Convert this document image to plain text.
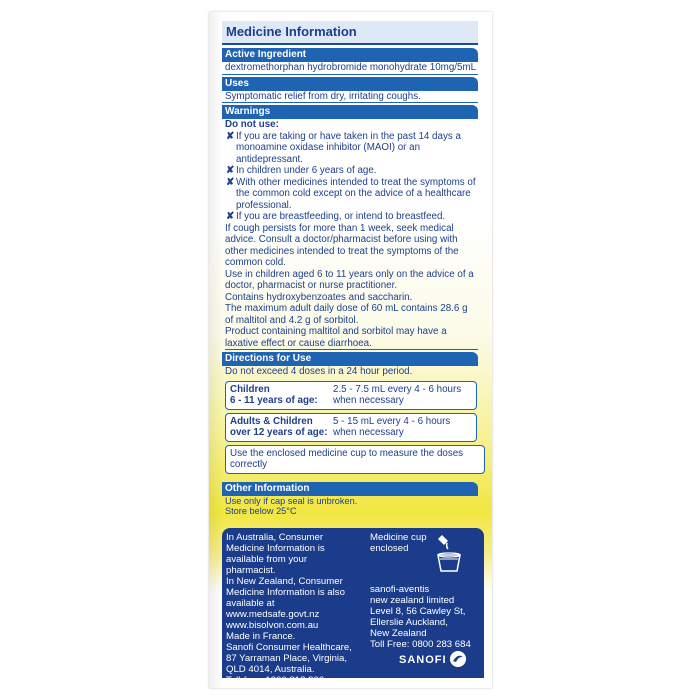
Medicine Information
Active Ingredient
dextromethorphan hydrobromide monohydrate 10mg/5mL
Uses
Symptomatic relief from dry, irritating coughs.
Warnings
Do not use:
✘ If you are taking or have taken in the past 14 days a monoamine oxidase inhibitor (MAOI) or an antidepressant.
✘ In children under 6 years of age.
✘ With other medicines intended to treat the symptoms of the common cold except on the advice of a healthcare professional.
✘ If you are breastfeeding, or intend to breastfeed.
If cough persists for more than 1 week, seek medical advice. Consult a doctor/pharmacist before using with other medicines intended to treat the symptoms of the common cold.
Use in children aged 6 to 11 years only on the advice of a doctor, pharmacist or nurse practitioner.
Contains hydroxybenzoates and saccharin.
The maximum adult daily dose of 60 mL contains 28.6 g of maltitol and 4.2 g of sorbitol.
Product containing maltitol and sorbitol may have a laxative effect or cause diarrhoea.
Directions for Use
Do not exceed 4 doses in a 24 hour period.
Children
6 - 11 years of age:
2.5 - 7.5 mL every 4 - 6 hours when necessary
Adults & Children
over 12 years of age:
5 - 15 mL every 4 - 6 hours when necessary
Use the enclosed medicine cup to measure the doses correctly
Other Information
Use only if cap seal is unbroken.
Store below 25°C
In Australia, Consumer Medicine Information is available from your pharmacist.
In New Zealand, Consumer Medicine Information is also available at
www.medsafe.govt.nz
www.bisolvon.com.au
Made in France.
Sanofi Consumer Healthcare, 87 Yarraman Place, Virginia, QLD 4014, Australia.
Toll-free: 1800 818 806
Medicine cup enclosed
sanofi-aventis
new zealand limited
Level 8, 56 Cawley St,
Ellerslie Auckland,
New Zealand
Toll Free: 0800 283 684
SANOFI
